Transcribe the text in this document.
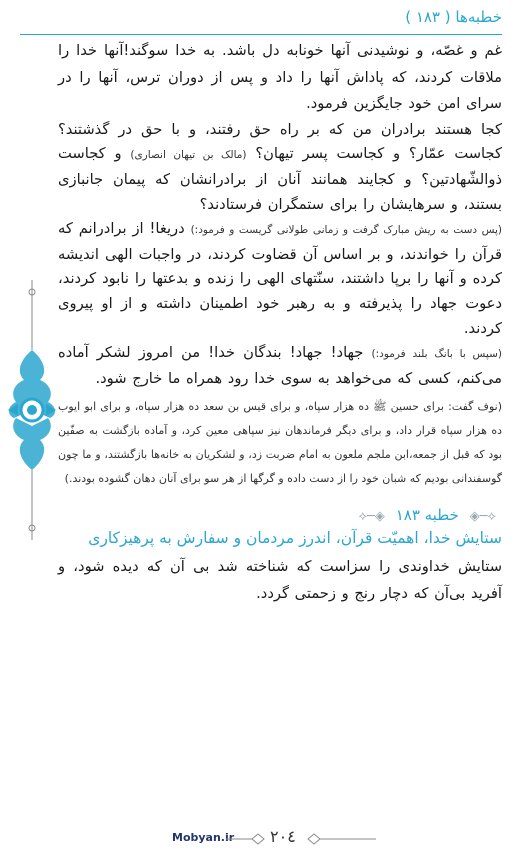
خطبه‌ها ( ۱۸۳ )

غم و غصّه، و نوشیدنی آنها خونابه دل باشد. به خدا سوگند!آنها خدا را ملاقات کردند، که پاداش آنها را داد و پس از دوران ترس، آنها را در سرای امن خود جایگزین فرمود.

کجا هستند برادران من که بر راه حق رفتند، و با حق در گذشتند؟ کجاست عمّار؟ و کجاست پسر تیهان؟ (مالک بن تیهان انصاری) و کجاست ذوالشّهادتین؟ و کجایند همانند آنان از برادرانشان که پیمان جانبازی بستند، و سرهایشان را برای ستمگران فرستادند؟

(پس دست به ریش مبارک گرفت و زمانی طولانی گریست و فرمود:) دریغا! از برادرانم که قرآن را خواندند، و بر اساس آن قضاوت کردند، در واجبات الهی اندیشه کرده و آنها را برپا داشتند، سنّتهای الهی را زنده و بدعتها را نابود کردند، دعوت جهاد را پذیرفته و به رهبر خود اطمینان داشته و از او پیروی کردند.

(سپس با بانگ بلند فرمود:) جهاد! جهاد! بندگان خدا! من امروز لشکر آماده می‌کنم، کسی که می‌خواهد به سوی خدا رود همراه ما خارج شود.

(نوف گفت: برای حسین ﷺ ده هزار سپاه، و برای قیس بن سعد ده هزار سپاه، و برای ابو ایوب ده هزار سپاه قرار داد، و برای دیگر فرماندهان نیز سپاهی معین کرد، و آماده بازگشت به صفّین بود که قبل از جمعه،ابن ملجم ملعون به امام ضربت زد، و لشکریان به خانه‌ها بازگشتند، و ما چون گوسفندانی بودیم که شبان خود را از دست داده و گرگها از هر سو برای آنان دهان گشوده بودند.)

⟡─◈ خطبه ۱۸۳ ◈─⟡
ستایش خدا، اهمیّت قرآن، اندرز مردمان و سفارش به پرهیزکاری

ستایش خداوندی را سزاست که شناخته شد بی آن که دیده شود، و آفرید بی‌آن که دچار رنج و زحمتی گردد.

Mobyan.ir ۲۰٤
